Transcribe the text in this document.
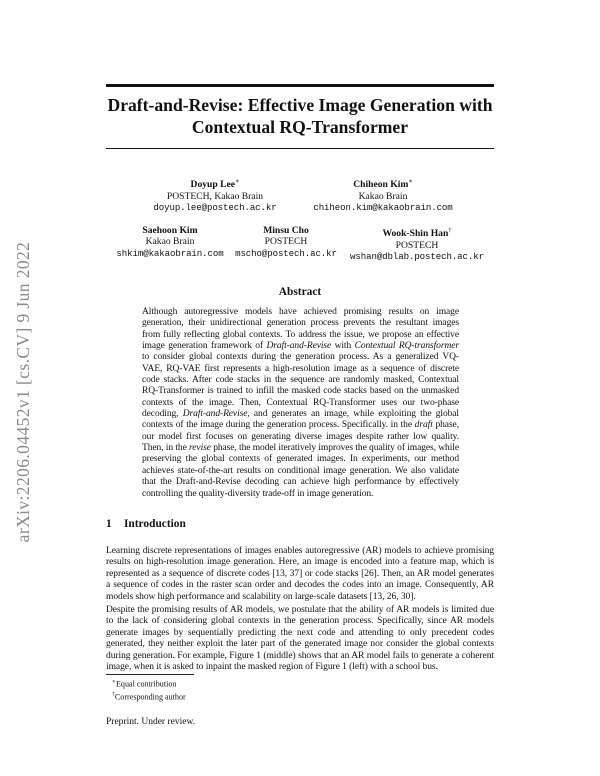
arXiv:2206.04452v1 [cs.CV] 9 Jun 2022
Draft-and-Revise: Effective Image Generation with
Contextual RQ-Transformer
Doyup Lee∗
POSTECH, Kakao Brain
doyup.lee@postech.ac.kr
Chiheon Kim∗
Kakao Brain
chiheon.kim@kakaobrain.com
Saehoon Kim
Kakao Brain
shkim@kakaobrain.com
Minsu Cho
POSTECH
mscho@postech.ac.kr
Wook-Shin Han†
POSTECH
wshan@dblab.postech.ac.kr
Abstract
Although autoregressive models have achieved promising results on image generation, their unidirectional generation process prevents the resultant images from fully reflecting global contexts. To address the issue, we propose an effective image generation framework of Draft-and-Revise with Contextual RQ-transformer to consider global contexts during the generation process. As a generalized VQ-VAE, RQ-VAE first represents a high-resolution image as a sequence of discrete code stacks. After code stacks in the sequence are randomly masked, Contextual RQ-Transformer is trained to infill the masked code stacks based on the unmasked contexts of the image. Then, Contextual RQ-Transformer uses our two-phase decoding, Draft-and-Revise, and generates an image, while exploiting the global contexts of the image during the generation process. Specifically. in the draft phase, our model first focuses on generating diverse images despite rather low quality. Then, in the revise phase, the model iteratively improves the quality of images, while preserving the global contexts of generated images. In experiments, our method achieves state-of-the-art results on conditional image generation. We also validate that the Draft-and-Revise decoding can achieve high performance by effectively controlling the quality-diversity trade-off in image generation.
1 Introduction
Learning discrete representations of images enables autoregressive (AR) models to achieve promising results on high-resolution image generation. Here, an image is encoded into a feature map, which is represented as a sequence of discrete codes [13, 37] or code stacks [26]. Then, an AR model generates a sequence of codes in the raster scan order and decodes the codes into an image. Consequently, AR models show high performance and scalability on large-scale datasets [13, 26, 30].
Despite the promising results of AR models, we postulate that the ability of AR models is limited due to the lack of considering global contexts in the generation process. Specifically, since AR models generate images by sequentially predicting the next code and attending to only precedent codes generated, they neither exploit the later part of the generated image nor consider the global contexts during generation. For example, Figure 1 (middle) shows that an AR model fails to generate a coherent image, when it is asked to inpaint the masked region of Figure 1 (left) with a school bus.
∗Equal contribution
†Corresponding author
Preprint. Under review.
